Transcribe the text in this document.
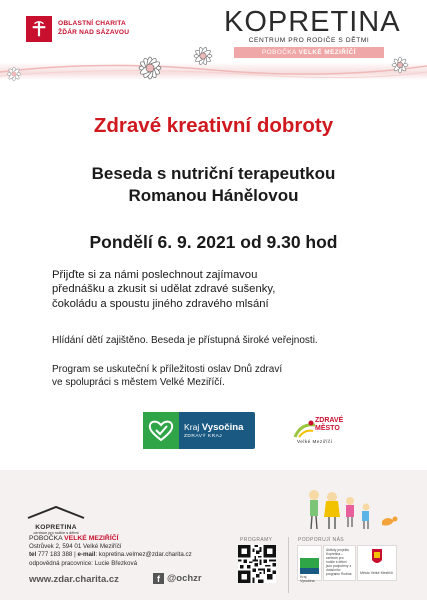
OBLASTNÍ CHARITA
ŽĎÁR NAD SÁZAVOU	KOPRETINA
CENTRUM PRO RODIČE S DĚTMI
POBOČKA VELKÉ MEZIŘÍČÍ
Zdravé kreativní dobroty
Beseda s nutriční terapeutkou
Romanou Hánělovou
Pondělí 6. 9. 2021 od 9.30 hod
Přijďte si za námi poslechnout zajímavou
přednášku a zkusit si udělat zdravé sušenky,
čokoládu a spoustu jiného zdravého mlsání
Hlídání dětí zajištěno. Beseda je přístupná široké veřejnosti.
Program se uskuteční k příležitosti oslav Dnů zdraví
ve spolupráci s městem Velké Meziříčí.
Kraj Vysočina
ZDRAVÝ KRAJ
ZDRAVÉ
MĚSTO
Velké Meziříčí
KOPRETINA
centrum pro rodiče s dětmi
POBOČKA VELKÉ MEZIŘÍČÍ
Ostrůvek 2, 594 01 Velké Meziříčí
tel 777 183 388 | e-mail: kopretina.velmez@zdar.charita.cz
odpovědná pracovnice: Lucie Březková
www.zdar.charita.cz	f @ochzr
PROGRAMY	PODPORUJÍ NÁS
Kraj Vysočina
Aktivity projektu Kopretina – centrum pro rodiče s dětmi jsou podpořeny z dotačního programu Rodina	Město Velké Meziříčí
